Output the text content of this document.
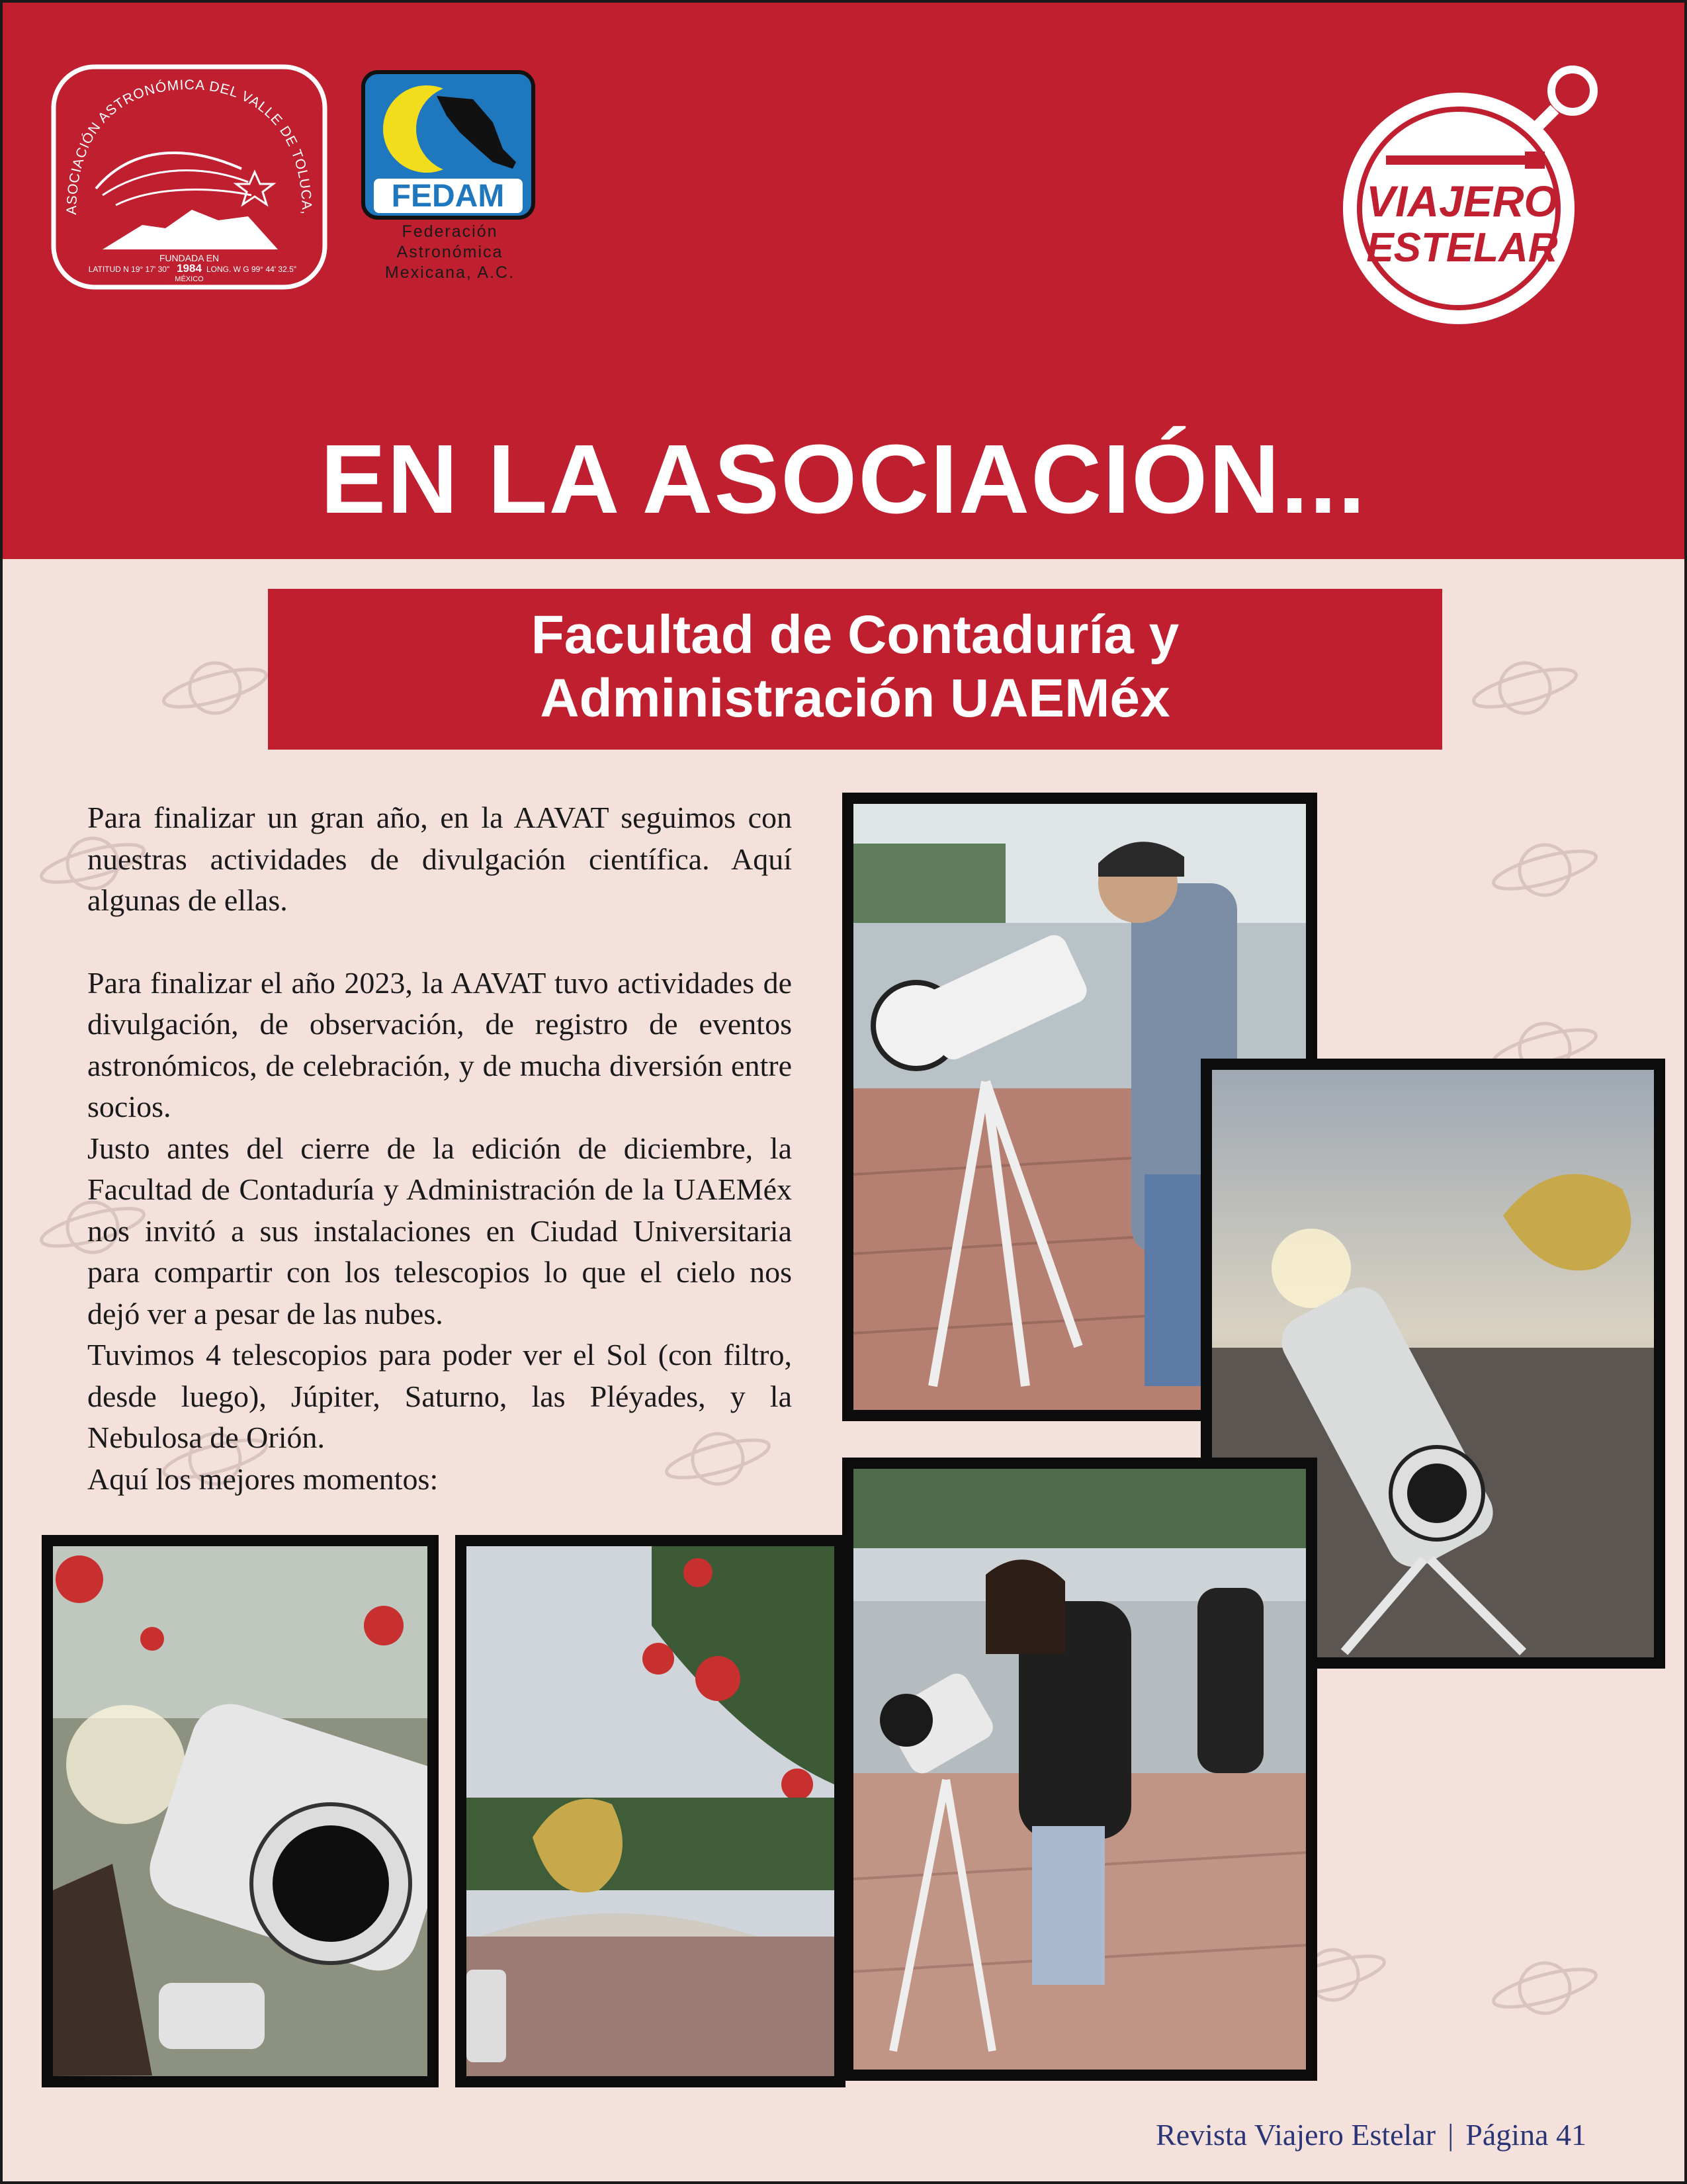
ASOCIACIÓN ASTRONÓMICA DEL VALLE DE TOLUCA,
FUNDADA EN
1984
MÉXICO
LATITUD N 19° 17' 30"	LONG. W G 99° 44' 32.5"
FEDAM
Federación
Astronómica
Mexicana, A.C.
VIAJERO
ESTELAR
EN LA ASOCIACIÓN...
Facultad de Contaduría y
Administración UAEMéx

Para finalizar un gran año, en la AAVAT seguimos con nuestras actividades de divulgación científica. Aquí algunas de ellas.

Para finalizar el año 2023, la AAVAT tuvo actividades de divulgación, de observación, de registro de eventos astronómicos, de celebración, y de mucha diversión entre socios.

Justo antes del cierre de la edición de diciembre, la Facultad de Contaduría y Administración de la UAEMéx nos invitó a sus instalaciones en Ciudad Universitaria para compartir con los telescopios lo que el cielo nos dejó ver a pesar de las nubes.

Tuvimos 4 telescopios para poder ver el Sol (con filtro, desde luego), Júpiter, Saturno, las Pléyades, y la Nebulosa de Orión.

Aquí los mejores momentos:

Revista Viajero Estelar | Página 41
